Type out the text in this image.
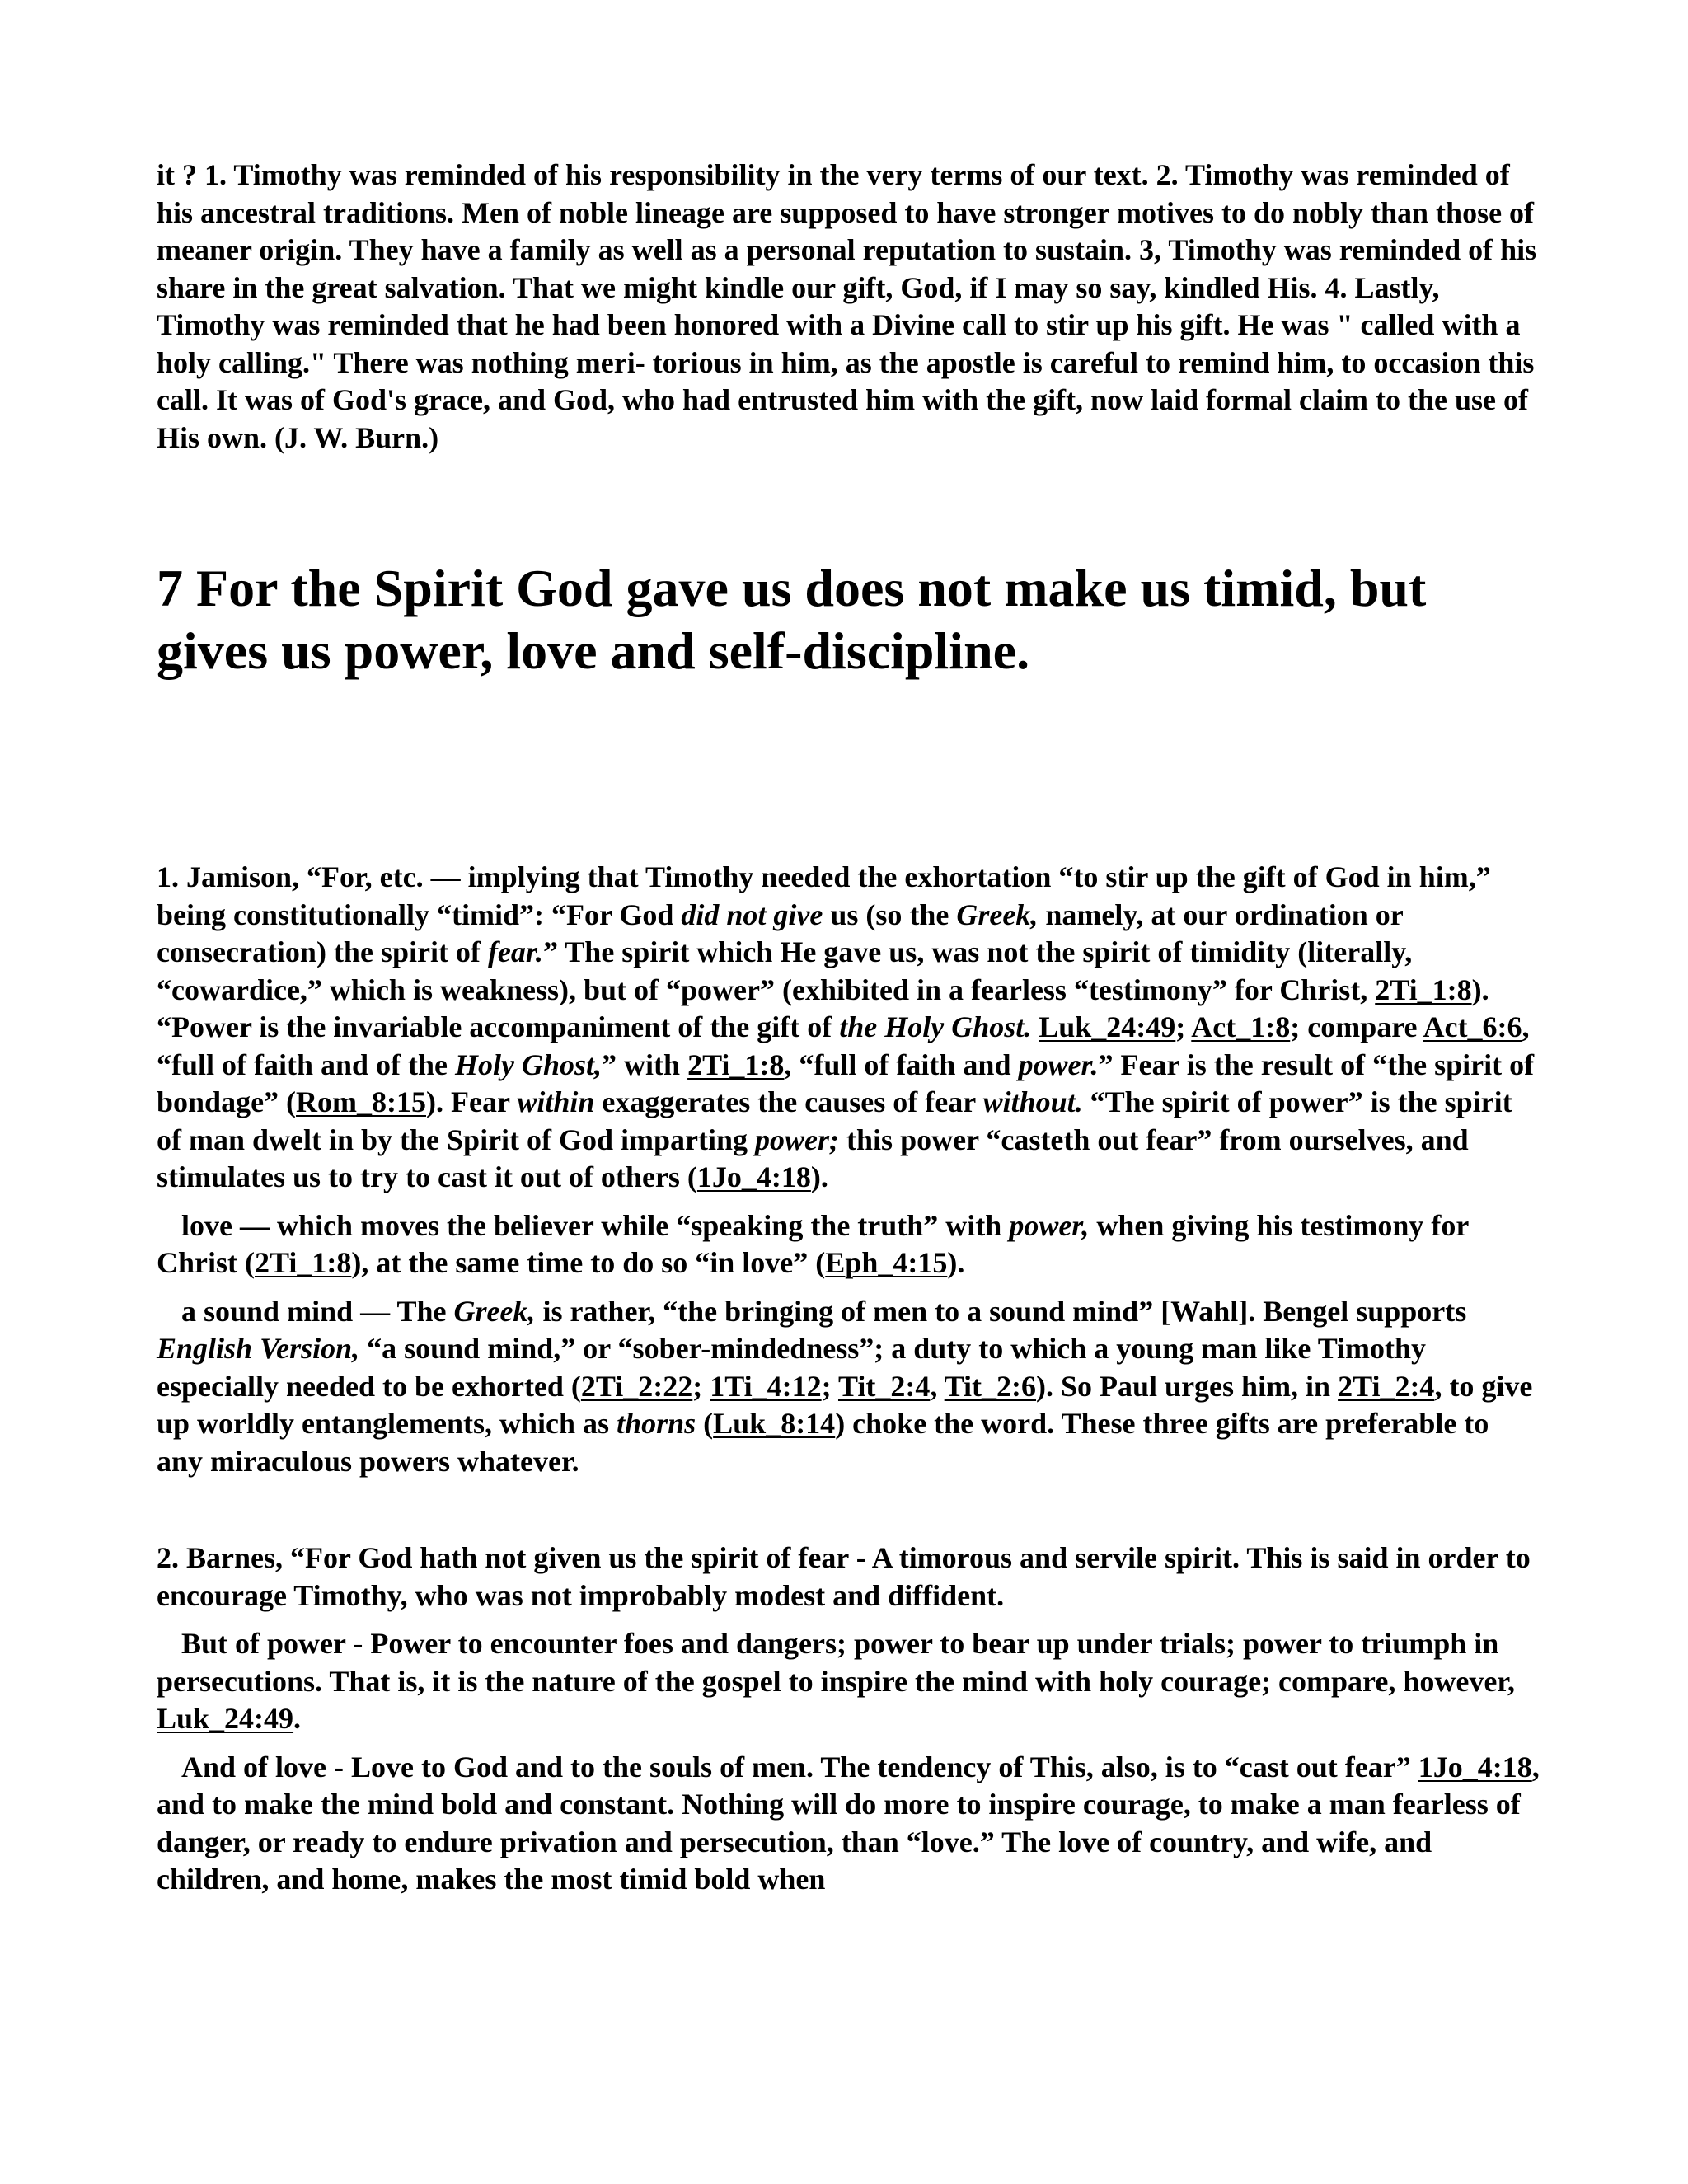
it ? 1. Timothy was reminded of his responsibility in the very terms of our text. 2. Timothy was reminded of his ancestral traditions. Men of noble lineage are supposed to have stronger motives to do nobly than those of meaner origin. They have a family as well as a personal reputation to sustain. 3, Timothy was reminded of his share in the great salvation. That we might kindle our gift, God, if I may so say, kindled His. 4. Lastly, Timothy was reminded that he had been honored with a Divine call to stir up his gift. He was " called with a holy calling." There was nothing meri- torious in him, as the apostle is careful to remind him, to occasion this call. It was of God's grace, and God, who had entrusted him with the gift, now laid formal claim to the use of His own. (J. W. Burn.)

7 For the Spirit God gave us does not make us timid, but gives us power, love and self-discipline.

1. Jamison, “For, etc. — implying that Timothy needed the exhortation “to stir up the gift of God in him,” being constitutionally “timid”: “For God did not give us (so the Greek, namely, at our ordination or consecration) the spirit of fear.” The spirit which He gave us, was not the spirit of timidity (literally, “cowardice,” which is weakness), but of “power” (exhibited in a fearless “testimony” for Christ, 2Ti_1:8). “Power is the invariable accompaniment of the gift of the Holy Ghost. Luk_24:49; Act_1:8; compare Act_6:6, “full of faith and of the Holy Ghost,” with 2Ti_1:8, “full of faith and power.” Fear is the result of “the spirit of bondage” (Rom_8:15). Fear within exaggerates the causes of fear without. “The spirit of power” is the spirit of man dwelt in by the Spirit of God imparting power; this power “casteth out fear” from ourselves, and stimulates us to try to cast it out of others (1Jo_4:18).

love — which moves the believer while “speaking the truth” with power, when giving his testimony for Christ (2Ti_1:8), at the same time to do so “in love” (Eph_4:15).

a sound mind — The Greek, is rather, “the bringing of men to a sound mind” [Wahl]. Bengel supports English Version, “a sound mind,” or “sober-mindedness”; a duty to which a young man like Timothy especially needed to be exhorted (2Ti_2:22; 1Ti_4:12; Tit_2:4, Tit_2:6). So Paul urges him, in 2Ti_2:4, to give up worldly entanglements, which as thorns (Luk_8:14) choke the word. These three gifts are preferable to any miraculous powers whatever.

2. Barnes, “For God hath not given us the spirit of fear - A timorous and servile spirit. This is said in order to encourage Timothy, who was not improbably modest and diffident.

But of power - Power to encounter foes and dangers; power to bear up under trials; power to triumph in persecutions. That is, it is the nature of the gospel to inspire the mind with holy courage; compare, however, Luk_24:49.

And of love - Love to God and to the souls of men. The tendency of This, also, is to “cast out fear” 1Jo_4:18, and to make the mind bold and constant. Nothing will do more to inspire courage, to make a man fearless of danger, or ready to endure privation and persecution, than “love.” The love of country, and wife, and children, and home, makes the most timid bold when
